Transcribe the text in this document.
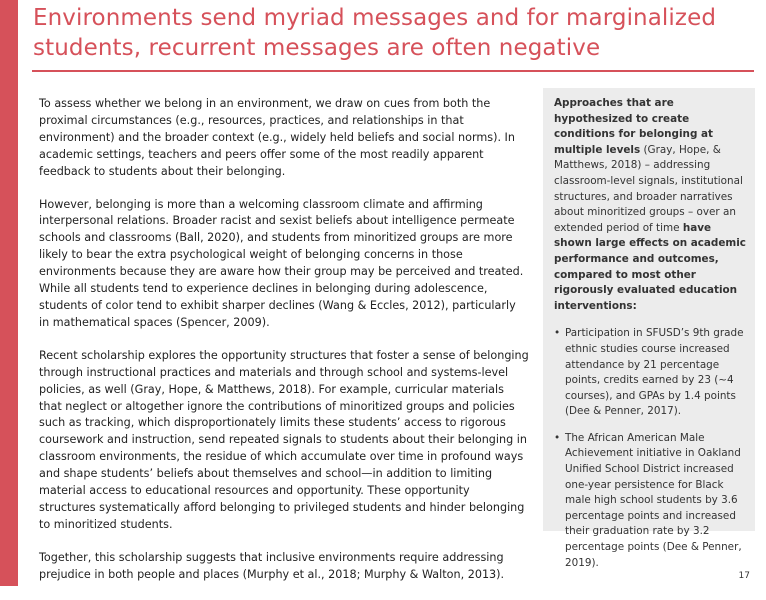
Environments send myriad messages and for marginalized students, recurrent messages are often negative

To assess whether we belong in an environment, we draw on cues from both the proximal circumstances (e.g., resources, practices, and relationships in that environment) and the broader context (e.g., widely held beliefs and social norms). In academic settings, teachers and peers offer some of the most readily apparent feedback to students about their belonging.

However, belonging is more than a welcoming classroom climate and affirming interpersonal relations. Broader racist and sexist beliefs about intelligence permeate schools and classrooms (Ball, 2020), and students from minoritized groups are more likely to bear the extra psychological weight of belonging concerns in those environments because they are aware how their group may be perceived and treated. While all students tend to experience declines in belonging during adolescence, students of color tend to exhibit sharper declines (Wang & Eccles, 2012), particularly in mathematical spaces (Spencer, 2009).

Recent scholarship explores the opportunity structures that foster a sense of belonging through instructional practices and materials and through school and systems-level policies, as well (Gray, Hope, & Matthews, 2018). For example, curricular materials that neglect or altogether ignore the contributions of minoritized groups and policies such as tracking, which disproportionately limits these students’ access to rigorous coursework and instruction, send repeated signals to students about their belonging in classroom environments, the residue of which accumulate over time in profound ways and shape students’ beliefs about themselves and school—in addition to limiting material access to educational resources and opportunity. These opportunity structures systematically afford belonging to privileged students and hinder belonging to minoritized students.

Together, this scholarship suggests that inclusive environments require addressing prejudice in both people and places (Murphy et al., 2018; Murphy & Walton, 2013).

Approaches that are hypothesized to create conditions for belonging at multiple levels (Gray, Hope, & Matthews, 2018) – addressing classroom-level signals, institutional structures, and broader narratives about minoritized groups – over an extended period of time have shown large effects on academic performance and outcomes, compared to most other rigorously evaluated education interventions:

• Participation in SFUSD’s 9th grade ethnic studies course increased attendance by 21 percentage points, credits earned by 23 (~4 courses), and GPAs by 1.4 points (Dee & Penner, 2017).
• The African American Male Achievement initiative in Oakland Unified School District increased one-year persistence for Black male high school students by 3.6 percentage points and increased their graduation rate by 3.2 percentage points (Dee & Penner, 2019).
17
